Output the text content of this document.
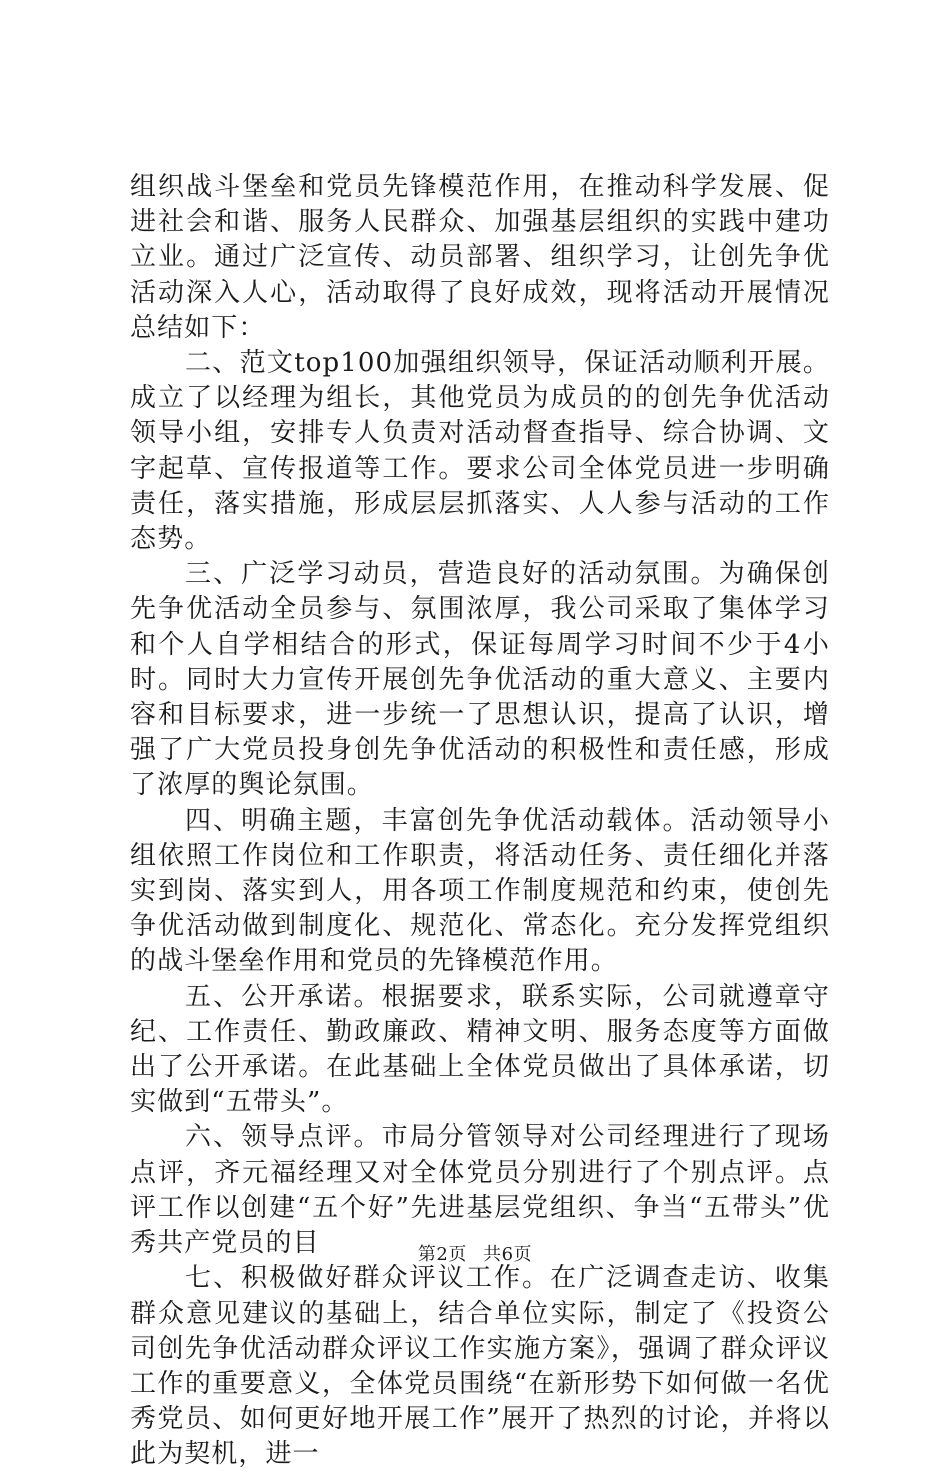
组织战斗堡垒和党员先锋模范作用，在推动科学发展、促进社会和谐、服务人民群众、加强基层组织的实践中建功立业。通过广泛宣传、动员部署、组织学习，让创先争优活动深入人心，活动取得了良好成效，现将活动开展情况总结如下：

二、范文top100加强组织领导，保证活动顺利开展。成立了以经理为组长，其他党员为成员的的创先争优活动领导小组，安排专人负责对活动督查指导、综合协调、文字起草、宣传报道等工作。要求公司全体党员进一步明确责任，落实措施，形成层层抓落实、人人参与活动的工作态势。

三、广泛学习动员，营造良好的活动氛围。为确保创先争优活动全员参与、氛围浓厚，我公司采取了集体学习和个人自学相结合的形式，保证每周学习时间不少于4小时。同时大力宣传开展创先争优活动的重大意义、主要内容和目标要求，进一步统一了思想认识，提高了认识，增强了广大党员投身创先争优活动的积极性和责任感，形成了浓厚的舆论氛围。

四、明确主题，丰富创先争优活动载体。活动领导小组依照工作岗位和工作职责，将活动任务、责任细化并落实到岗、落实到人，用各项工作制度规范和约束，使创先争优活动做到制度化、规范化、常态化。充分发挥党组织的战斗堡垒作用和党员的先锋模范作用。

五、公开承诺。根据要求，联系实际，公司就遵章守纪、工作责任、勤政廉政、精神文明、服务态度等方面做出了公开承诺。在此基础上全体党员做出了具体承诺，切实做到“五带头”。

六、领导点评。市局分管领导对公司经理进行了现场点评，齐元福经理又对全体党员分别进行了个别点评。点评工作以创建“五个好”先进基层党组织、争当“五带头”优秀共产党员的目

七、积极做好群众评议工作。在广泛调查走访、收集群众意见建议的基础上，结合单位实际，制定了《投资公司创先争优活动群众评议工作实施方案》，强调了群众评议工作的重要意义，全体党员围绕“在新形势下如何做一名优秀党员、如何更好地开展工作”展开了热烈的讨论，并将以此为契机，进一

第2页 共6页
